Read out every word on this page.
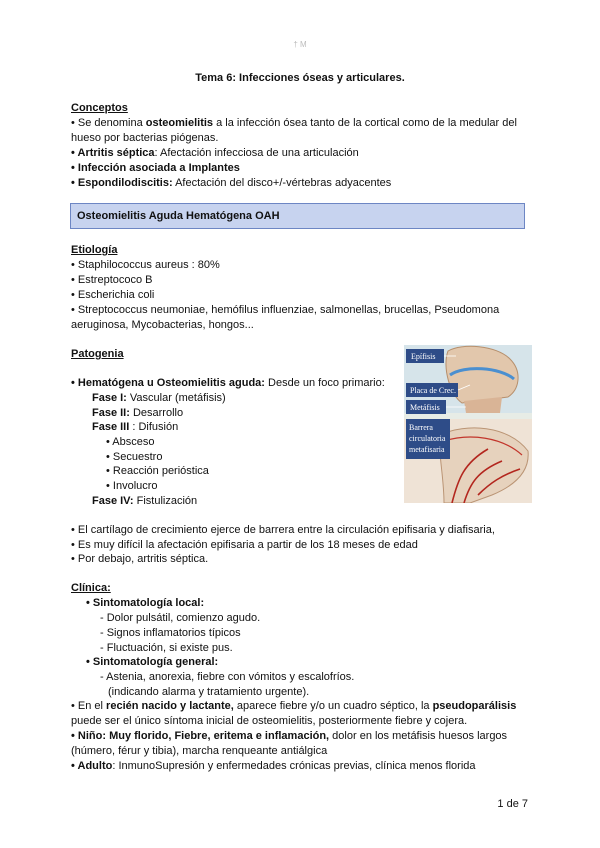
† M
Tema 6: Infecciones óseas y articulares.
Conceptos
• Se denomina osteomielitis a la infección ósea tanto de la cortical como de la medular del
hueso por bacterias piógenas.
• Artritis séptica: Afectación infecciosa de una articulación
• Infección asociada a Implantes
• Espondilodiscitis: Afectación del disco+/-vértebras adyacentes
Osteomielitis Aguda Hematógena OAH
Etiología
• Staphilococcus aureus : 80%
• Estreptococo B
• Escherichia coli
• Streptococcus neumoniae, hemófilus influenziae, salmonellas, brucellas, Pseudomona
aeruginosa, Mycobacterias, hongos...
Patogenia
• Hematógena u Osteomielitis aguda: Desde un foco primario:
Fase I: Vascular (metáfisis)
Fase II: Desarrollo
Fase III : Difusión
• Absceso
• Secuestro
• Reacción perióstica
• Involucro
Fase IV: Fistulización
Epífisis
Placa de Crec.
Metáfisis
Barrera
circulatoria
metafisaria
• El cartílago de crecimiento ejerce de barrera entre la circulación epifisaria y diafisaria,
• Es muy difícil la afectación epifisaria a partir de los 18 meses de edad
• Por debajo, artritis séptica.
Clínica:
• Sintomatología local:
- Dolor pulsátil, comienzo agudo.
- Signos inflamatorios típicos
- Fluctuación, si existe pus.
• Sintomatología general:
- Astenia, anorexia, fiebre con vómitos y escalofríos.
(indicando alarma y tratamiento urgente).
• En el recién nacido y lactante, aparece fiebre y/o un cuadro séptico, la pseudoparálisis
puede ser el único síntoma inicial de osteomielitis, posteriormente fiebre y cojera.
• Niño: Muy florido, Fiebre, eritema e inflamación, dolor en los metáfisis huesos largos
(húmero, férur y tibia), marcha renqueante antiálgica
• Adulto: InmunoSupresión y enfermedades crónicas previas, clínica menos florida
1 de 7
